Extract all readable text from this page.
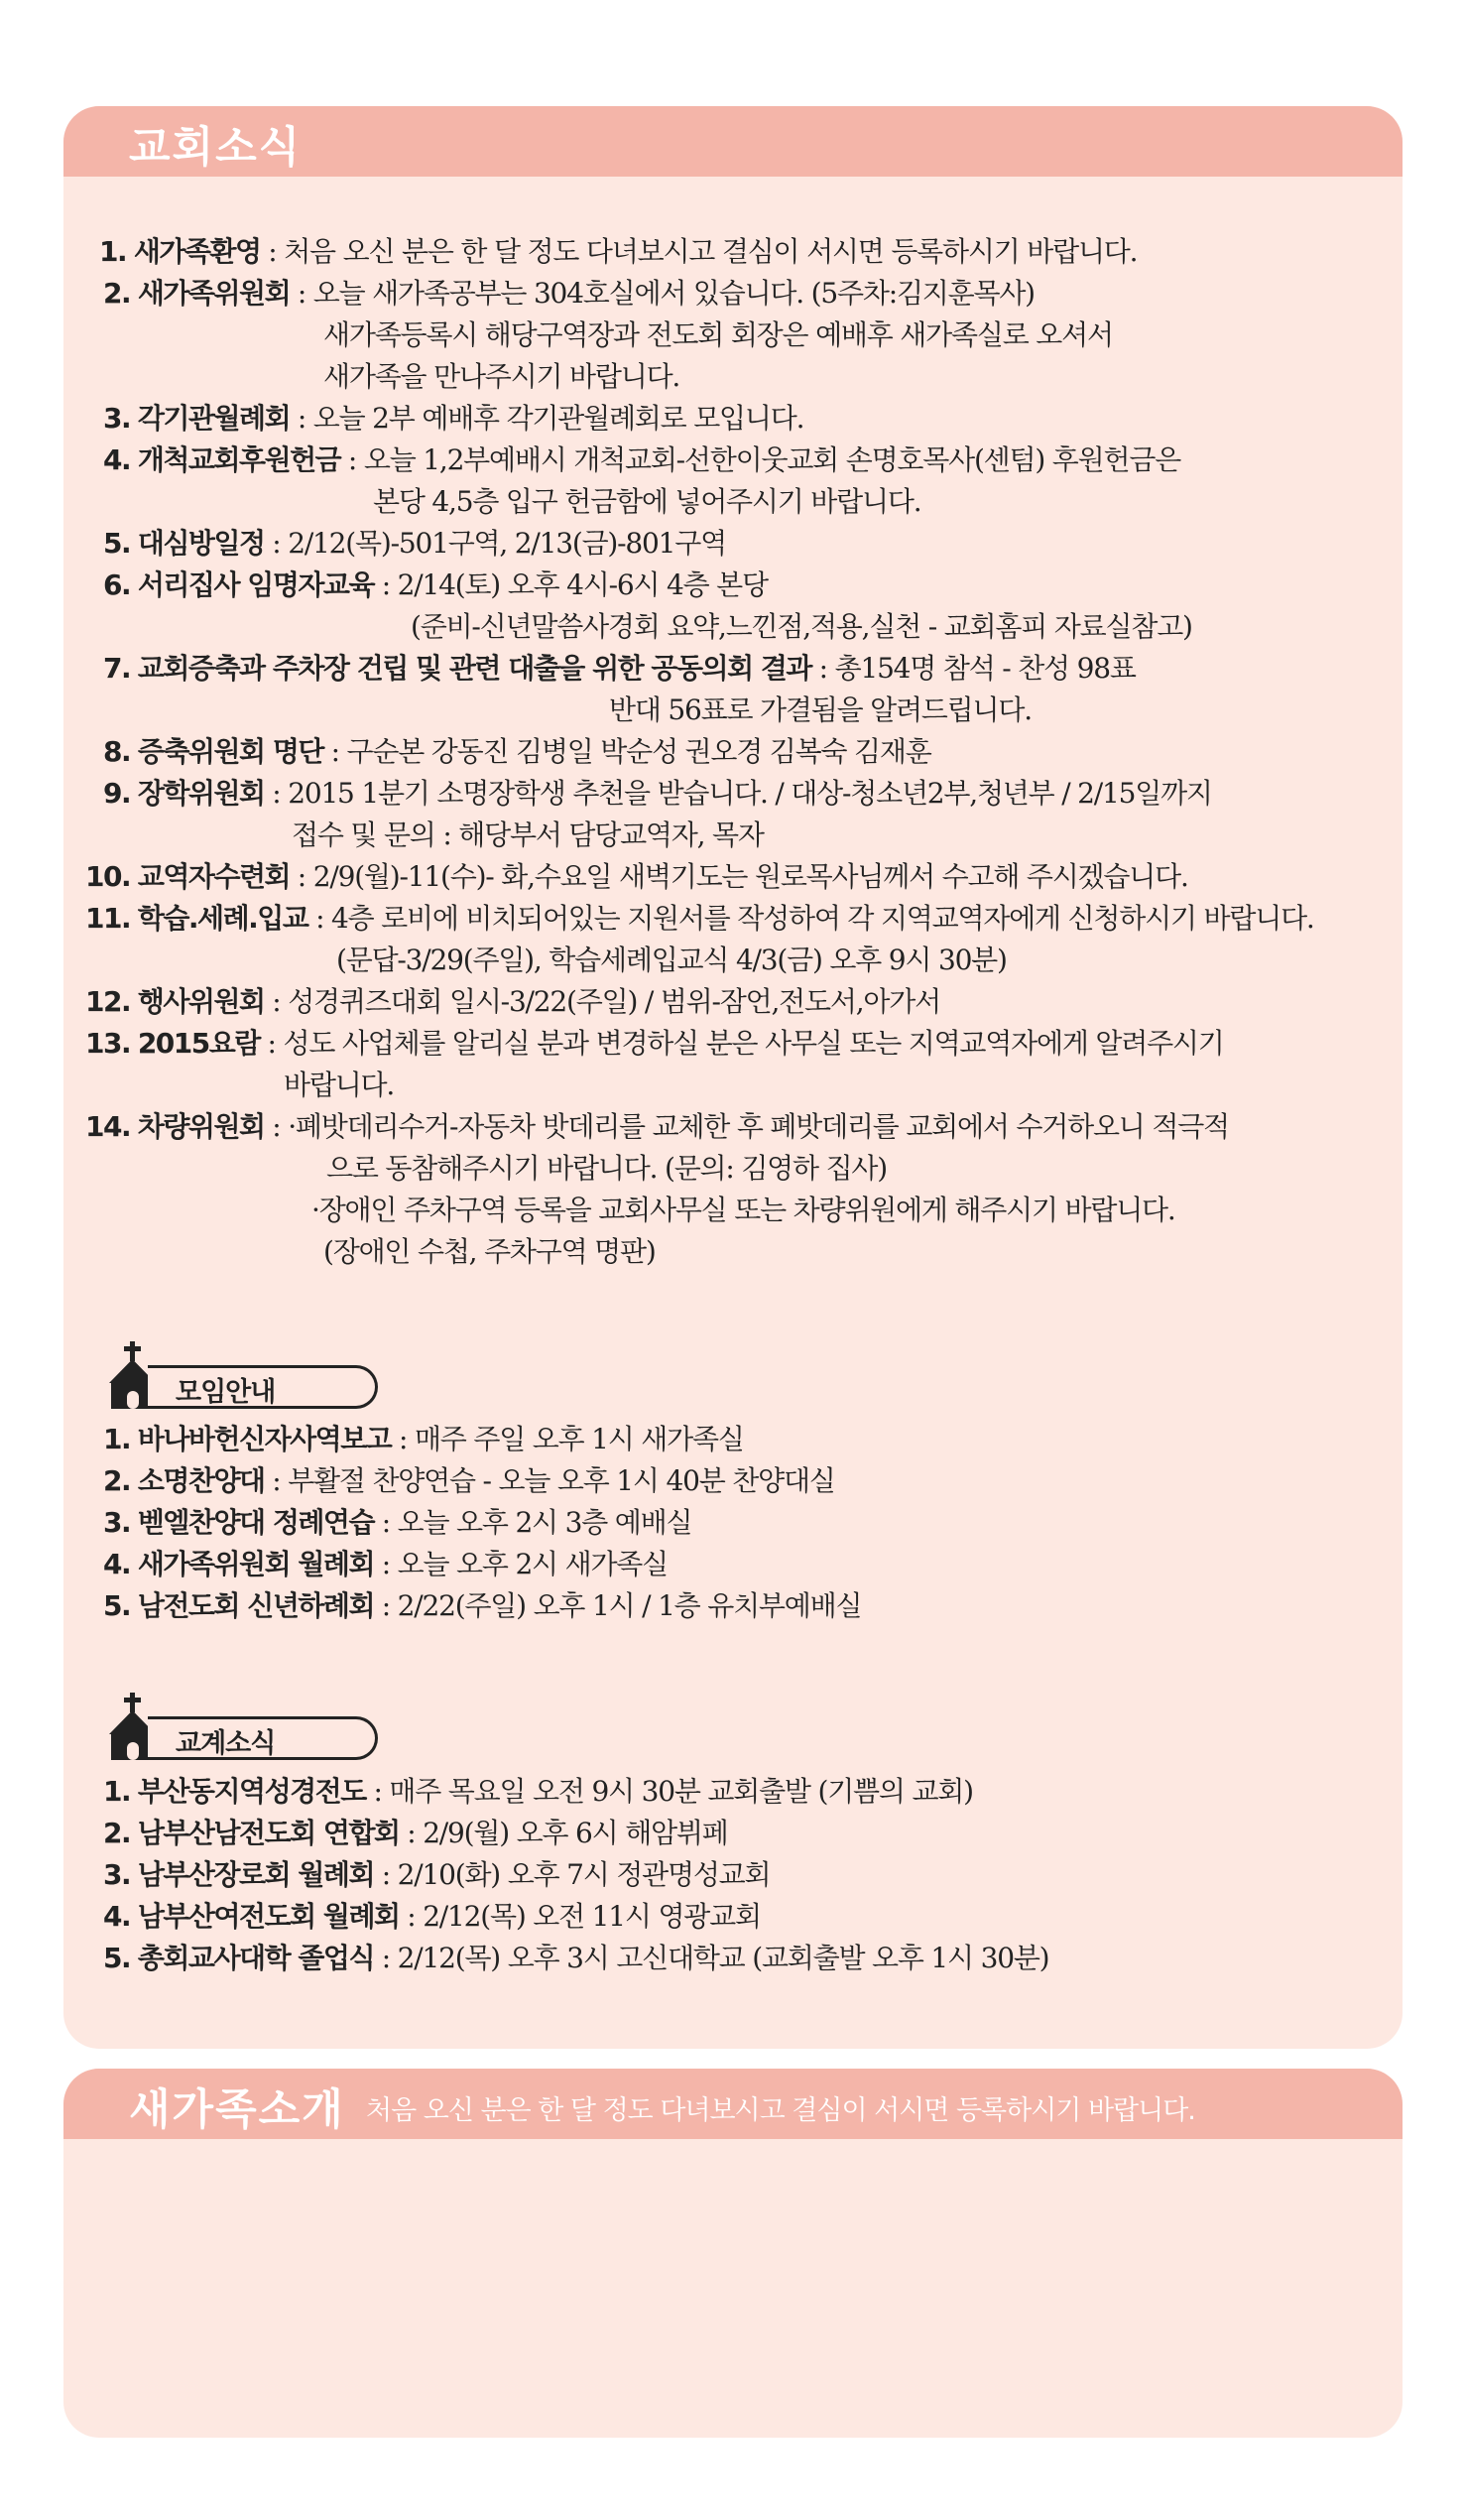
교회소식
1. 새가족환영 : 처음 오신 분은 한 달 정도 다녀보시고 결심이 서시면 등록하시기 바랍니다.
2. 새가족위원회 : 오늘 새가족공부는 304호실에서 있습니다. (5주차:김지훈목사)
새가족등록시 해당구역장과 전도회 회장은 예배후 새가족실로 오셔서
새가족을 만나주시기 바랍니다.
3. 각기관월례회 : 오늘 2부 예배후 각기관월례회로 모입니다.
4. 개척교회후원헌금 : 오늘 1,2부예배시 개척교회-선한이웃교회 손명호목사(센텀) 후원헌금은
본당 4,5층 입구 헌금함에 넣어주시기 바랍니다.
5. 대심방일정 : 2/12(목)-501구역, 2/13(금)-801구역
6. 서리집사 임명자교육 : 2/14(토) 오후 4시-6시 4층 본당
(준비-신년말씀사경회 요약,느낀점,적용,실천 - 교회홈피 자료실참고)
7. 교회증축과 주차장 건립 및 관련 대출을 위한 공동의회 결과 : 총154명 참석 - 찬성 98표
반대 56표로 가결됨을 알려드립니다.
8. 증축위원회 명단 : 구순본 강동진 김병일 박순성 권오경 김복숙 김재훈
9. 장학위원회 : 2015 1분기 소명장학생 추천을 받습니다. / 대상-청소년2부,청년부 / 2/15일까지
접수 및 문의 : 해당부서 담당교역자, 목자
10. 교역자수련회 : 2/9(월)-11(수)- 화,수요일 새벽기도는 원로목사님께서 수고해 주시겠습니다.
11. 학습.세례.입교 : 4층 로비에 비치되어있는 지원서를 작성하여 각 지역교역자에게 신청하시기 바랍니다.
(문답-3/29(주일), 학습세례입교식 4/3(금) 오후 9시 30분)
12. 행사위원회 : 성경퀴즈대회 일시-3/22(주일) / 범위-잠언,전도서,아가서
13. 2015요람 : 성도 사업체를 알리실 분과 변경하실 분은 사무실 또는 지역교역자에게 알려주시기
바랍니다.
14. 차량위원회 : ·폐밧데리수거-자동차 밧데리를 교체한 후 폐밧데리를 교회에서 수거하오니 적극적
으로 동참해주시기 바랍니다. (문의: 김영하 집사)
·장애인 주차구역 등록을 교회사무실 또는 차량위원에게 해주시기 바랍니다.
(장애인 수첩, 주차구역 명판)
모임안내
교계소식
1. 바나바헌신자사역보고 : 매주 주일 오후 1시 새가족실
2. 소명찬양대 : 부활절 찬양연습 - 오늘 오후 1시 40분 찬양대실
3. 벧엘찬양대 정례연습 : 오늘 오후 2시 3층 예배실
4. 새가족위원회 월례회 : 오늘 오후 2시 새가족실
5. 남전도회 신년하례회 : 2/22(주일) 오후 1시 / 1층 유치부예배실
1. 부산동지역성경전도 : 매주 목요일 오전 9시 30분 교회출발 (기쁨의 교회)
2. 남부산남전도회 연합회 : 2/9(월) 오후 6시 해암뷔페
3. 남부산장로회 월례회 : 2/10(화) 오후 7시 정관명성교회
4. 남부산여전도회 월례회 : 2/12(목) 오전 11시 영광교회
5. 총회교사대학 졸업식 : 2/12(목) 오후 3시 고신대학교 (교회출발 오후 1시 30분)
새가족소개 처음 오신 분은 한 달 정도 다녀보시고 결심이 서시면 등록하시기 바랍니다.
